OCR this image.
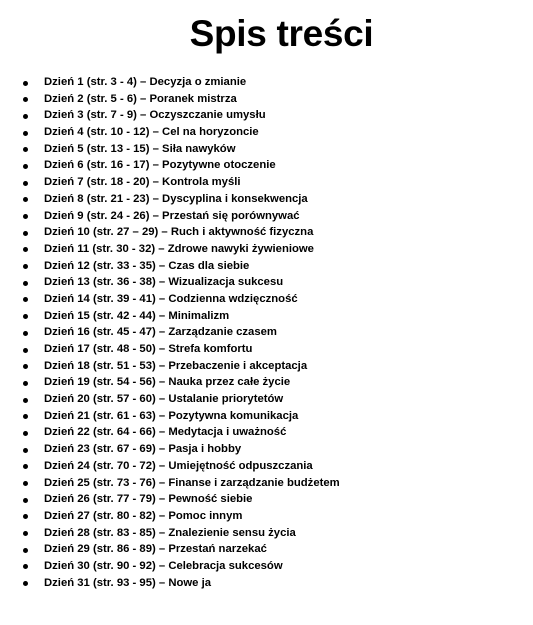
Spis treści
Dzień 1 (str. 3 - 4) – Decyzja o zmianie
Dzień 2 (str. 5 - 6) – Poranek mistrza
Dzień 3 (str. 7 - 9) – Oczyszczanie umysłu
Dzień 4 (str. 10 - 12) – Cel na horyzoncie
Dzień 5 (str. 13 - 15) – Siła nawyków
Dzień 6 (str. 16 - 17) – Pozytywne otoczenie
Dzień 7 (str. 18 - 20) – Kontrola myśli
Dzień 8 (str. 21 - 23) – Dyscyplina i konsekwencja
Dzień 9 (str. 24 - 26) – Przestań się porównywać
Dzień 10 (str. 27 – 29) – Ruch i aktywność fizyczna
Dzień 11 (str. 30 - 32) – Zdrowe nawyki żywieniowe
Dzień 12 (str. 33 - 35) – Czas dla siebie
Dzień 13 (str. 36 - 38) – Wizualizacja sukcesu
Dzień 14 (str. 39 - 41) – Codzienna wdzięczność
Dzień 15 (str. 42 - 44) – Minimalizm
Dzień 16 (str. 45 - 47) – Zarządzanie czasem
Dzień 17 (str. 48 - 50) – Strefa komfortu
Dzień 18 (str. 51 - 53) – Przebaczenie i akceptacja
Dzień 19 (str. 54 - 56) – Nauka przez całe życie
Dzień 20 (str. 57 - 60) – Ustalanie priorytetów
Dzień 21 (str. 61 - 63) – Pozytywna komunikacja
Dzień 22 (str. 64 - 66) – Medytacja i uważność
Dzień 23 (str. 67 - 69) – Pasja i hobby
Dzień 24 (str. 70 - 72) – Umiejętność odpuszczania
Dzień 25 (str. 73 - 76) – Finanse i zarządzanie budżetem
Dzień 26 (str. 77 - 79) – Pewność siebie
Dzień 27 (str. 80 - 82) – Pomoc innym
Dzień 28 (str. 83 - 85) – Znalezienie sensu życia
Dzień 29 (str. 86 - 89) – Przestań narzekać
Dzień 30 (str. 90 - 92) – Celebracja sukcesów
Dzień 31 (str. 93 - 95) – Nowe ja
